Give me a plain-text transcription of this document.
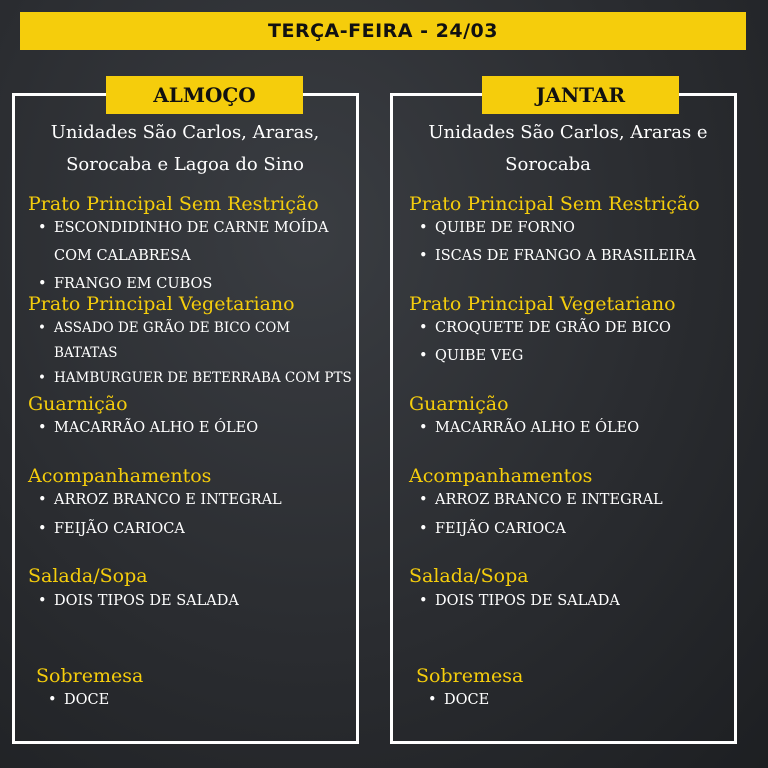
TERÇA-FEIRA - 24/03
ALMOÇO	JANTAR
Unidades São Carlos, Araras,
Sorocaba e Lagoa do Sino
Prato Principal Sem Restrição
• ESCONDIDINHO DE CARNE MOÍDA
COM CALABRESA
• FRANGO EM CUBOS
Prato Principal Vegetariano
• ASSADO DE GRÃO DE BICO COM
BATATAS
• HAMBURGUER DE BETERRABA COM PTS
Guarnição
• MACARRÃO ALHO E ÓLEO
Acompanhamentos
• ARROZ BRANCO E INTEGRAL
• FEIJÃO CARIOCA
Salada/Sopa
• DOIS TIPOS DE SALADA
Sobremesa
• DOCE
Unidades São Carlos, Araras e
Sorocaba
Prato Principal Sem Restrição
• QUIBE DE FORNO
• ISCAS DE FRANGO A BRASILEIRA
Prato Principal Vegetariano
• CROQUETE DE GRÃO DE BICO
• QUIBE VEG
Guarnição
• MACARRÃO ALHO E ÓLEO
Acompanhamentos
• ARROZ BRANCO E INTEGRAL
• FEIJÃO CARIOCA
Salada/Sopa
• DOIS TIPOS DE SALADA
Sobremesa
• DOCE
